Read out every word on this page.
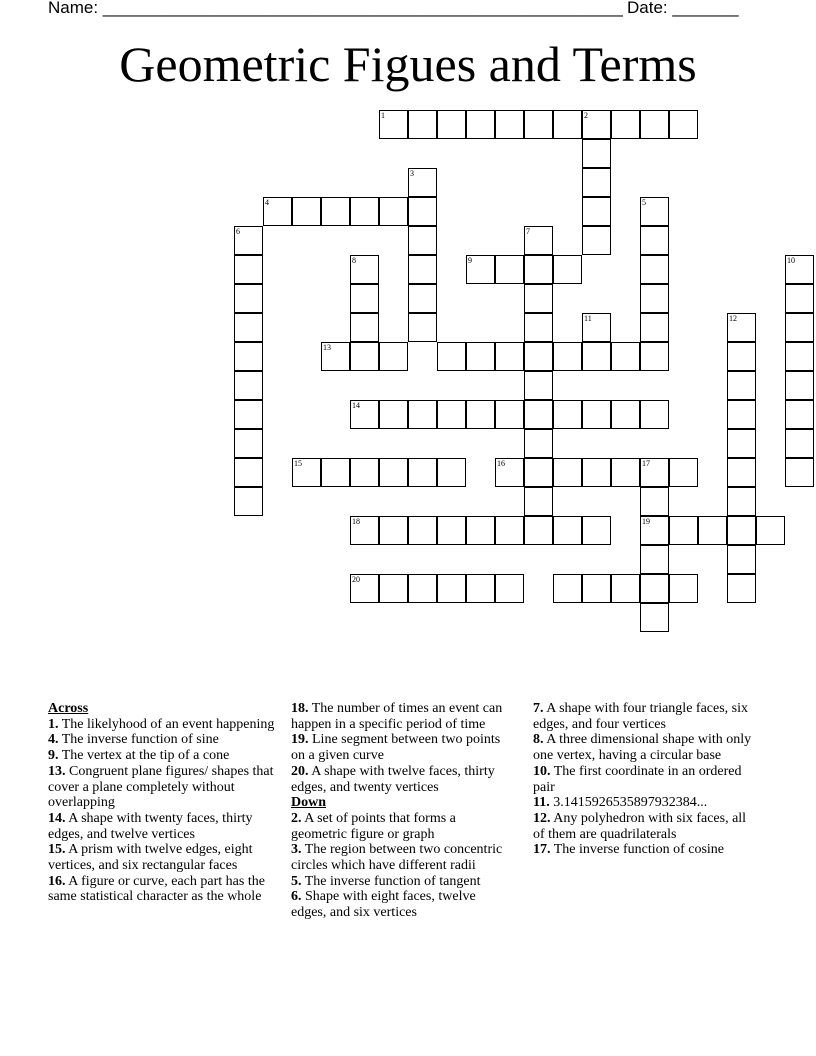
Name: _______________________________________________________ Date: _______
Geometric Figues and Terms
1	2
3
4	5
6	7
8	9	10
11	12
13
14
15	16	17
18	19
20
Across
1. The likelyhood of an event happening
4. The inverse function of sine
9. The vertex at the tip of a cone
13. Congruent plane figures/ shapes that cover a plane completely without overlapping
14. A shape with twenty faces, thirty edges, and twelve vertices
15. A prism with twelve edges, eight vertices, and six rectangular faces
16. A figure or curve, each part has the same statistical character as the whole
18. The number of times an event can happen in a specific period of time
19. Line segment between two points on a given curve
20. A shape with twelve faces, thirty edges, and twenty vertices
Down
2. A set of points that forms a geometric figure or graph
3. The region between two concentric circles which have different radii
5. The inverse function of tangent
6. Shape with eight faces, twelve edges, and six vertices
7. A shape with four triangle faces, six edges, and four vertices
8. A three dimensional shape with only one vertex, having a circular base
10. The first coordinate in an ordered pair
11. 3.1415926535897932384...
12. Any polyhedron with six faces, all of them are quadrilaterals
17. The inverse function of cosine
